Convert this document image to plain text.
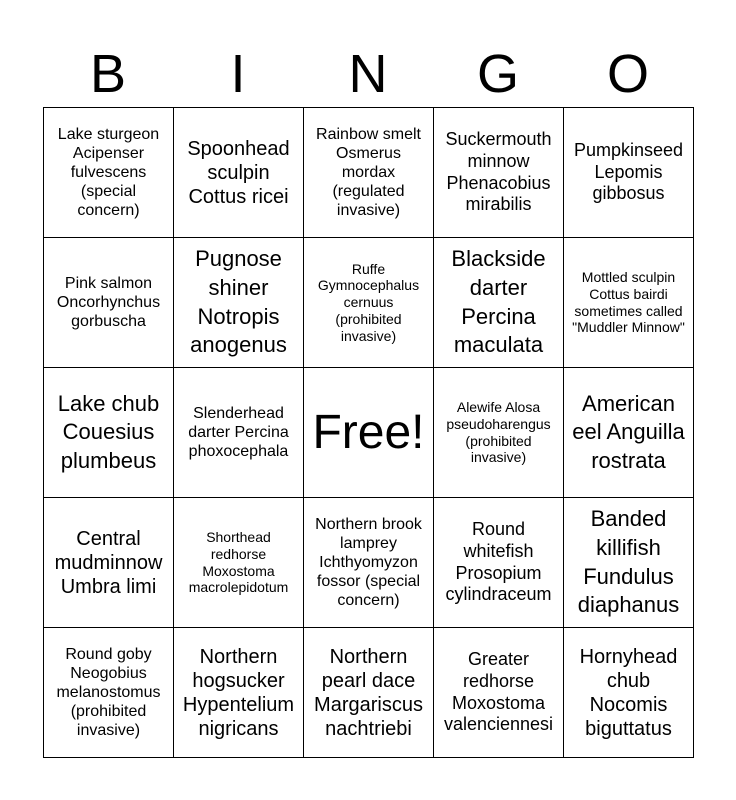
B	I	N	G	O
Lake sturgeon Acipenser fulvescens (special concern)	Spoonhead sculpin Cottus ricei	Rainbow smelt Osmerus mordax (regulated invasive)	Suckermouth minnow Phenacobius mirabilis	Pumpkinseed Lepomis gibbosus
Pink salmon Oncorhynchus gorbuscha	Pugnose shiner Notropis anogenus	Ruffe Gymnocephalus cernuus (prohibited invasive)	Blackside darter Percina maculata	Mottled sculpin Cottus bairdi sometimes called "Muddler Minnow"
Lake chub Couesius plumbeus	Slenderhead darter Percina phoxocephala	Free!	Alewife Alosa pseudoharengus (prohibited invasive)	American eel Anguilla rostrata
Central mudminnow Umbra limi	Shorthead redhorse Moxostoma macrolepidotum	Northern brook lamprey Ichthyomyzon fossor (special concern)	Round whitefish Prosopium cylindraceum	Banded killifish Fundulus diaphanus
Round goby Neogobius melanostomus (prohibited invasive)	Northern hogsucker Hypentelium nigricans	Northern pearl dace Margariscus nachtriebi	Greater redhorse Moxostoma valenciennesi	Hornyhead chub Nocomis biguttatus
